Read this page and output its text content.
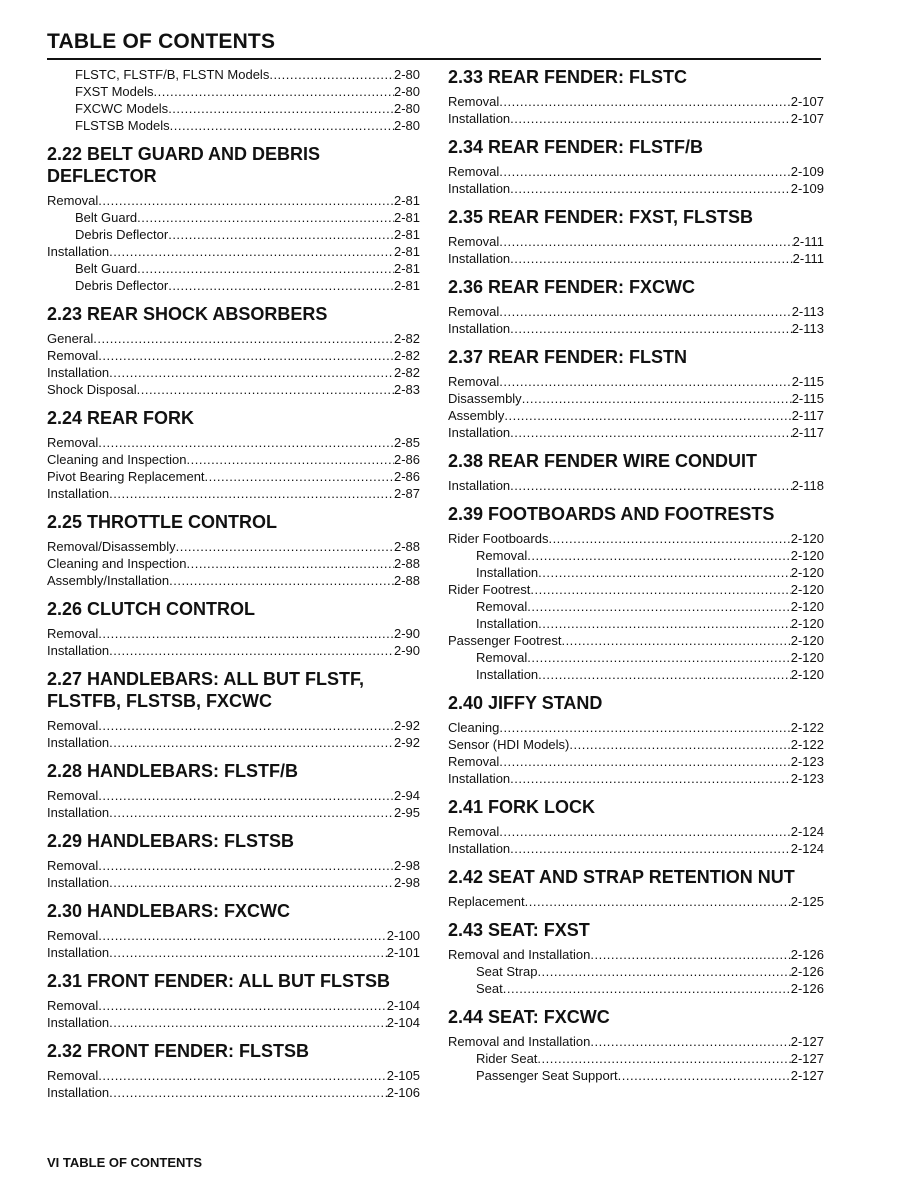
TABLE OF CONTENTS
FLSTC, FLSTF/B, FLSTN Models .....	2-80
FXST Models .....	2-80
FXCWC Models .....	2-80
FLSTSB Models .....	2-80
2.22 BELT GUARD AND DEBRIS DEFLECTOR
Removal .....	2-81
Belt Guard .....	2-81
Debris Deflector .....	2-81
Installation .....	2-81
Belt Guard .....	2-81
Debris Deflector .....	2-81
2.23 REAR SHOCK ABSORBERS
General .....	2-82
Removal .....	2-82
Installation .....	2-82
Shock Disposal .....	2-83
2.24 REAR FORK
Removal .....	2-85
Cleaning and Inspection .....	2-86
Pivot Bearing Replacement .....	2-86
Installation .....	2-87
2.25 THROTTLE CONTROL
Removal/Disassembly .....	2-88
Cleaning and Inspection .....	2-88
Assembly/Installation .....	2-88
2.26 CLUTCH CONTROL
Removal .....	2-90
Installation .....	2-90
2.27 HANDLEBARS: ALL BUT FLSTF, FLSTFB, FLSTSB, FXCWC
Removal .....	2-92
Installation .....	2-92
2.28 HANDLEBARS: FLSTF/B
Removal .....	2-94
Installation .....	2-95
2.29 HANDLEBARS: FLSTSB
Removal .....	2-98
Installation .....	2-98
2.30 HANDLEBARS: FXCWC
Removal .....	2-100
Installation .....	2-101
2.31 FRONT FENDER: ALL BUT FLSTSB
Removal .....	2-104
Installation .....	2-104
2.32 FRONT FENDER: FLSTSB
Removal .....	2-105
Installation .....	2-106
2.33 REAR FENDER: FLSTC
Removal .....	2-107
Installation .....	2-107
2.34 REAR FENDER: FLSTF/B
Removal .....	2-109
Installation .....	2-109
2.35 REAR FENDER: FXST, FLSTSB
Removal .....	2-111
Installation .....	2-111
2.36 REAR FENDER: FXCWC
Removal .....	2-113
Installation .....	2-113
2.37 REAR FENDER: FLSTN
Removal .....	2-115
Disassembly .....	2-115
Assembly .....	2-117
Installation .....	2-117
2.38 REAR FENDER WIRE CONDUIT
Installation .....	2-118
2.39 FOOTBOARDS AND FOOTRESTS
Rider Footboards .....	2-120
Removal .....	2-120
Installation .....	2-120
Rider Footrest .....	2-120
Removal .....	2-120
Installation .....	2-120
Passenger Footrest .....	2-120
Removal .....	2-120
Installation .....	2-120
2.40 JIFFY STAND
Cleaning .....	2-122
Sensor (HDI Models) .....	2-122
Removal .....	2-123
Installation .....	2-123
2.41 FORK LOCK
Removal .....	2-124
Installation .....	2-124
2.42 SEAT AND STRAP RETENTION NUT
Replacement .....	2-125
2.43 SEAT: FXST
Removal and Installation .....	2-126
Seat Strap .....	2-126
Seat .....	2-126
2.44 SEAT: FXCWC
Removal and Installation .....	2-127
Rider Seat .....	2-127
Passenger Seat Support .....	2-127
VI TABLE OF CONTENTS
